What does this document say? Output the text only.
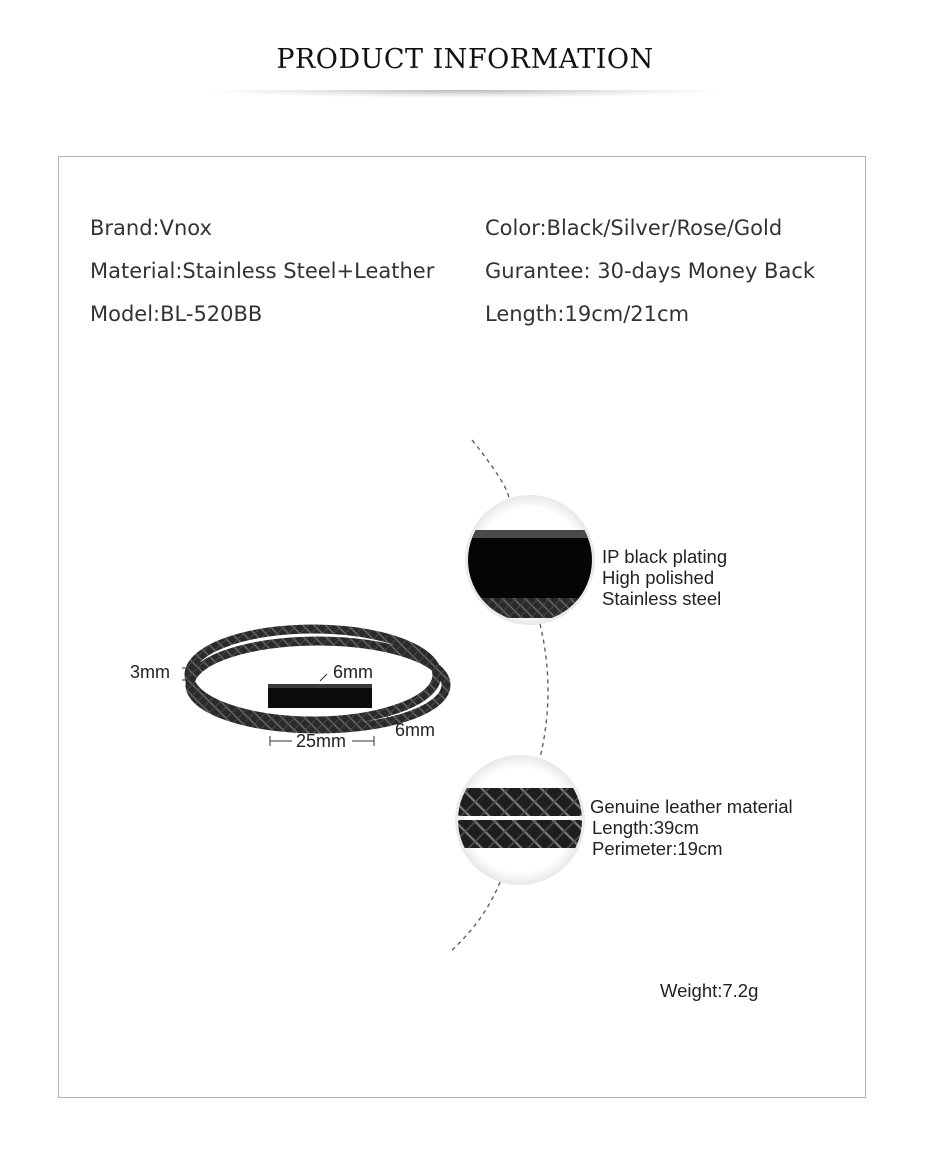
PRODUCT INFORMATION
Brand:Vnox
Material:Stainless Steel+Leather
Model:BL-520BB
Color:Black/Silver/Rose/Gold
Gurantee: 30-days Money Back
Length:19cm/21cm
3mm	6mm
6mm
25mm
IP black plating
High polished
Stainless steel
Genuine leather material
Length:39cm
Perimeter:19cm
Weight:7.2g
